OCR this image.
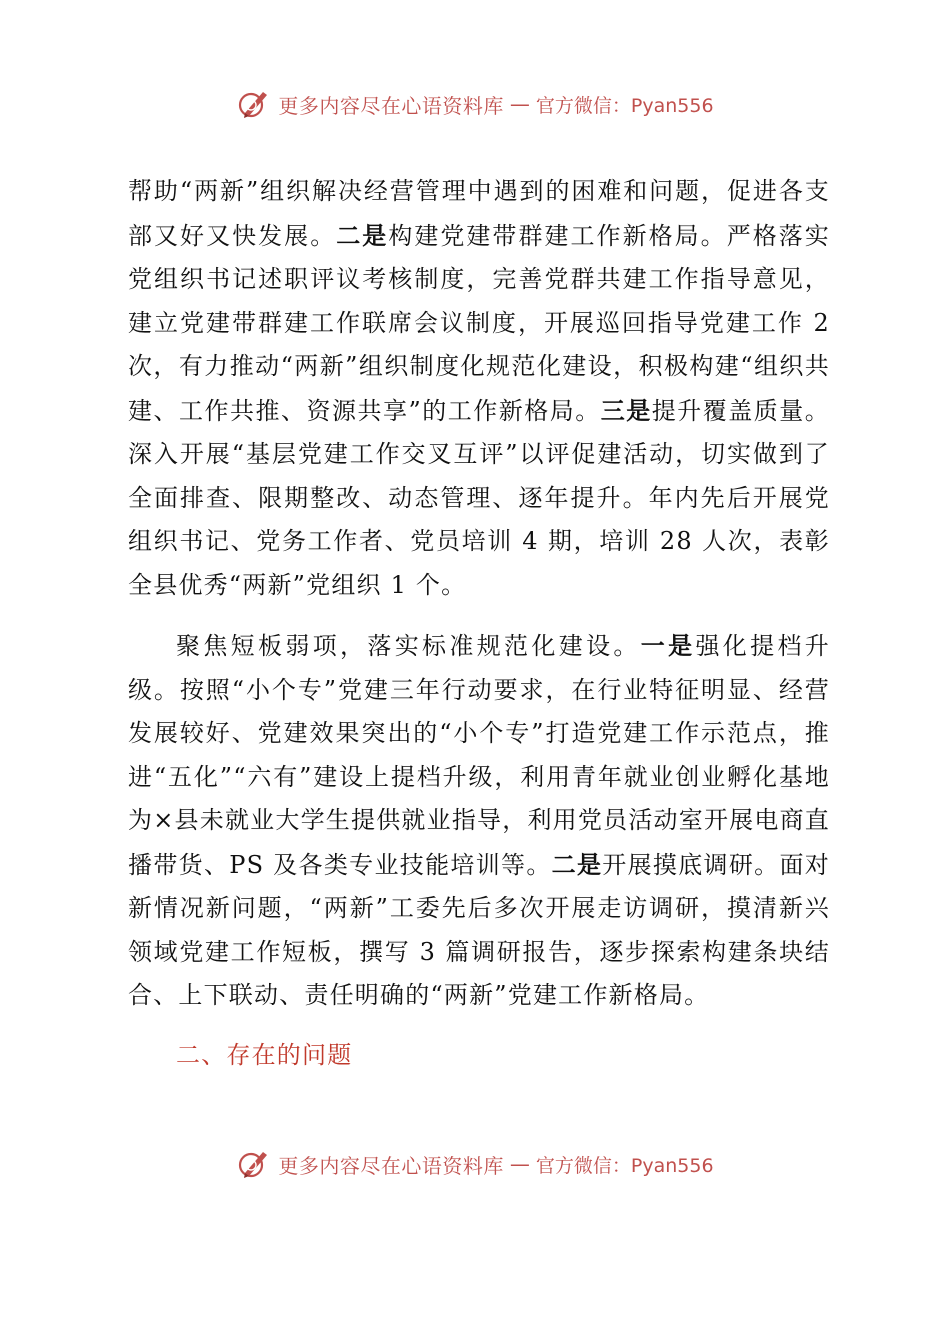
更多内容尽在心语资料库 — 官方微信：Pyan556

帮助“两新”组织解决经营管理中遇到的困难和问题，促进各支部又好又快发展。二是构建党建带群建工作新格局。严格落实党组织书记述职评议考核制度，完善党群共建工作指导意见，建立党建带群建工作联席会议制度，开展巡回指导党建工作 2 次，有力推动“两新”组织制度化规范化建设，积极构建“组织共建、工作共推、资源共享”的工作新格局。三是提升覆盖质量。深入开展“基层党建工作交叉互评”以评促建活动，切实做到了全面排查、限期整改、动态管理、逐年提升。年内先后开展党组织书记、党务工作者、党员培训 4 期，培训 28 人次，表彰全县优秀“两新”党组织 1 个。

聚焦短板弱项，落实标准规范化建设。一是强化提档升级。按照“小个专”党建三年行动要求，在行业特征明显、经营发展较好、党建效果突出的“小个专”打造党建工作示范点，推进“五化”“六有”建设上提档升级，利用青年就业创业孵化基地为×县未就业大学生提供就业指导，利用党员活动室开展电商直播带货、PS 及各类专业技能培训等。二是开展摸底调研。面对新情况新问题，“两新”工委先后多次开展走访调研，摸清新兴领域党建工作短板，撰写 3 篇调研报告，逐步探索构建条块结合、上下联动、责任明确的“两新”党建工作新格局。

二、存在的问题

更多内容尽在心语资料库 — 官方微信：Pyan556
